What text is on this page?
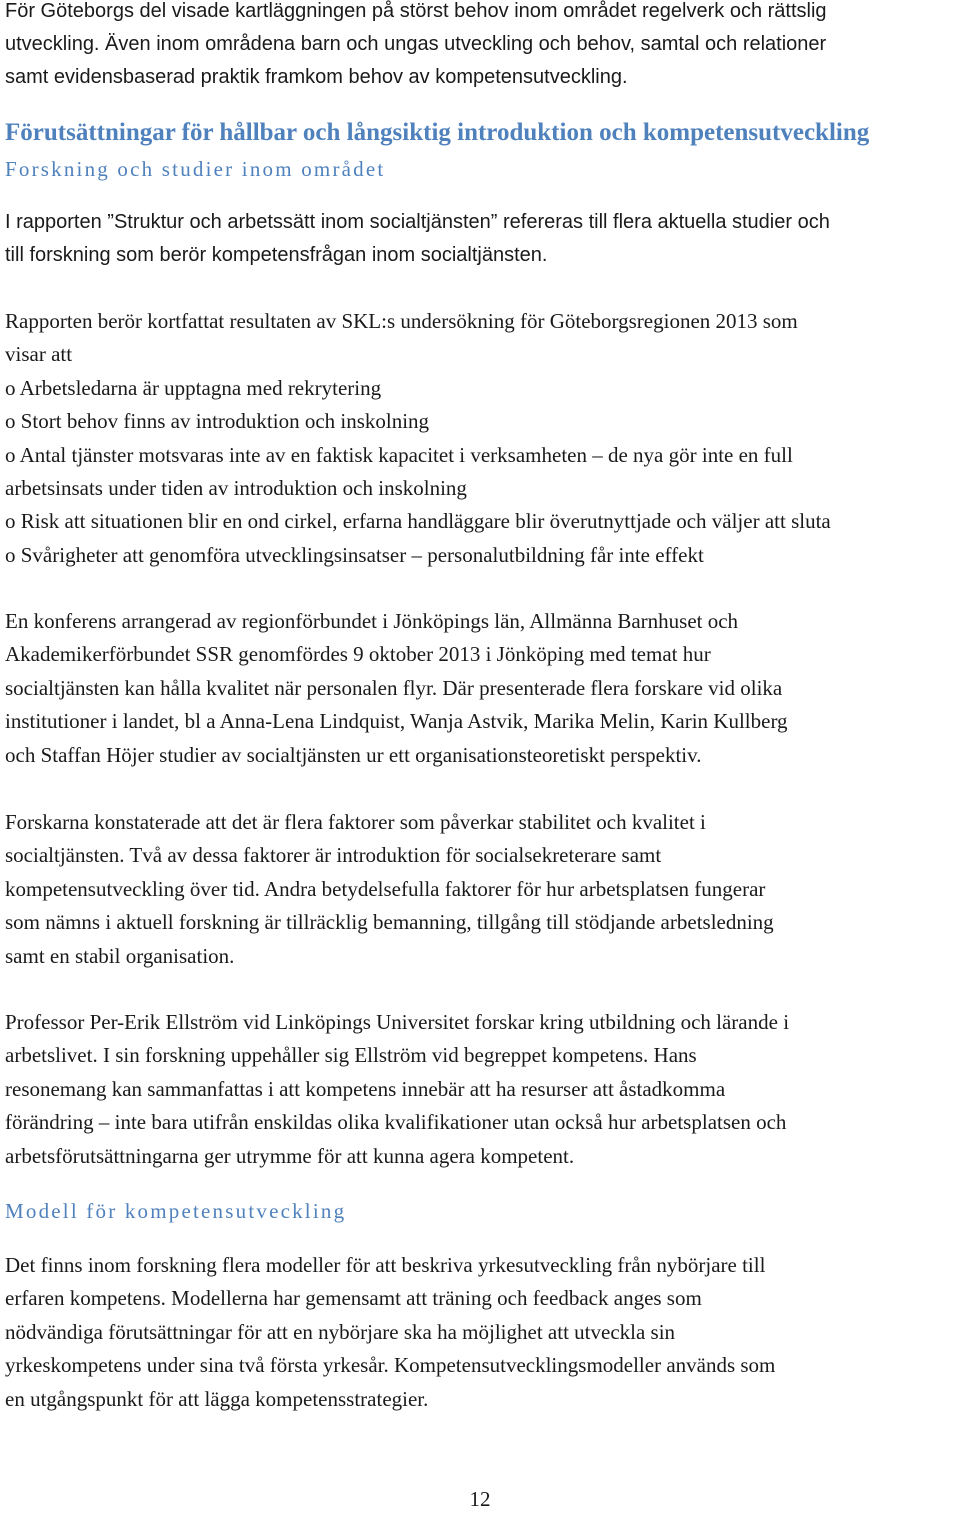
För Göteborgs del visade kartläggningen på störst behov inom området regelverk och rättslig
utveckling. Även inom områdena barn och ungas utveckling och behov, samtal och relationer
samt evidensbaserad praktik framkom behov av kompetensutveckling.
Förutsättningar för hållbar och långsiktig introduktion och kompetensutveckling
Forskning och studier inom området
I rapporten ”Struktur och arbetssätt inom socialtjänsten” refereras till flera aktuella studier och
till forskning som berör kompetensfrågan inom socialtjänsten.
Rapporten berör kortfattat resultaten av SKL:s undersökning för Göteborgsregionen 2013 som
visar att
o Arbetsledarna är upptagna med rekrytering
o Stort behov finns av introduktion och inskolning
o Antal tjänster motsvaras inte av en faktisk kapacitet i verksamheten – de nya gör inte en full
arbetsinsats under tiden av introduktion och inskolning
o Risk att situationen blir en ond cirkel, erfarna handläggare blir överutnyttjade och väljer att sluta
o Svårigheter att genomföra utvecklingsinsatser – personalutbildning får inte effekt
En konferens arrangerad av regionförbundet i Jönköpings län, Allmänna Barnhuset och
Akademikerförbundet SSR genomfördes 9 oktober 2013 i Jönköping med temat hur
socialtjänsten kan hålla kvalitet när personalen flyr. Där presenterade flera forskare vid olika
institutioner i landet, bl a Anna-Lena Lindquist, Wanja Astvik, Marika Melin, Karin Kullberg
och Staffan Höjer studier av socialtjänsten ur ett organisationsteoretiskt perspektiv.
Forskarna konstaterade att det är flera faktorer som påverkar stabilitet och kvalitet i
socialtjänsten. Två av dessa faktorer är introduktion för socialsekreterare samt
kompetensutveckling över tid. Andra betydelsefulla faktorer för hur arbetsplatsen fungerar
som nämns i aktuell forskning är tillräcklig bemanning, tillgång till stödjande arbetsledning
samt en stabil organisation.
Professor Per-Erik Ellström vid Linköpings Universitet forskar kring utbildning och lärande i
arbetslivet. I sin forskning uppehåller sig Ellström vid begreppet kompetens. Hans
resonemang kan sammanfattas i att kompetens innebär att ha resurser att åstadkomma
förändring – inte bara utifrån enskildas olika kvalifikationer utan också hur arbetsplatsen och
arbetsförutsättningarna ger utrymme för att kunna agera kompetent.
Modell för kompetensutveckling
Det finns inom forskning flera modeller för att beskriva yrkesutveckling från nybörjare till
erfaren kompetens. Modellerna har gemensamt att träning och feedback anges som
nödvändiga förutsättningar för att en nybörjare ska ha möjlighet att utveckla sin
yrkeskompetens under sina två första yrkesår. Kompetensutvecklingsmodeller används som
en utgångspunkt för att lägga kompetensstrategier.
12
